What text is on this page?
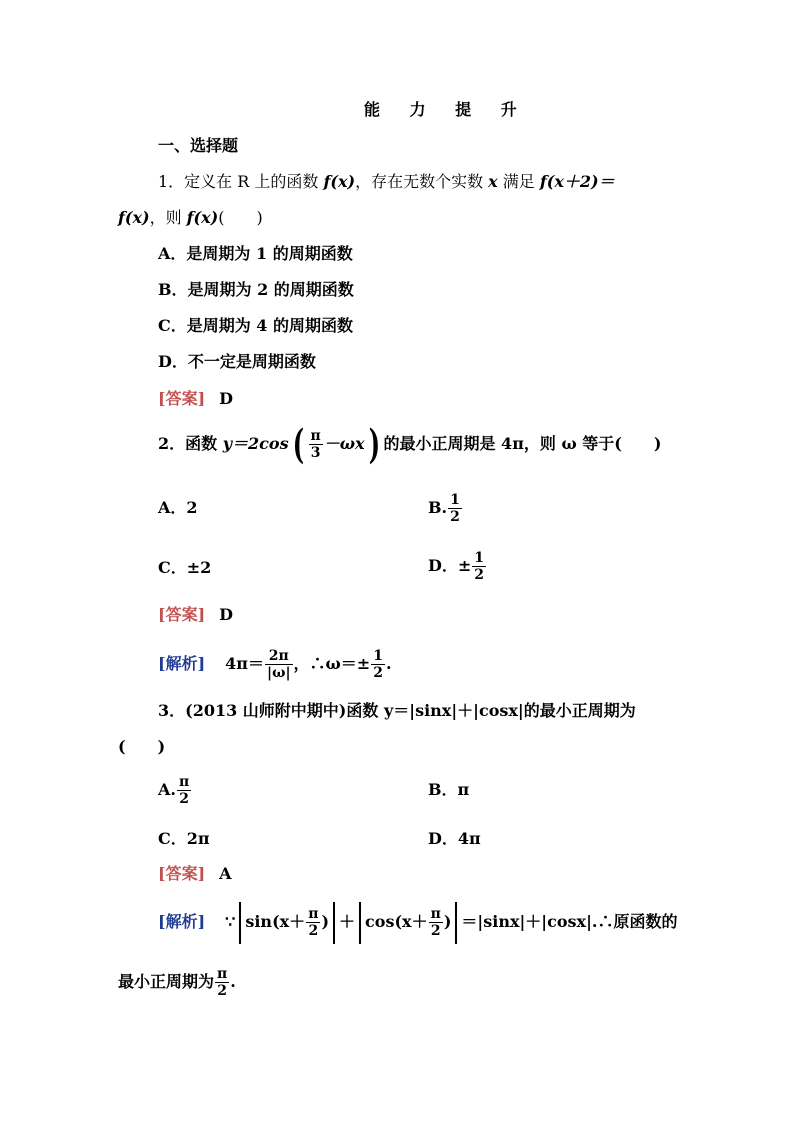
能 力 提 升
一、选择题
1．定义在 R 上的函数 f(x)，存在无数个实数 x 满足 f(x＋2)＝
f(x)，则 f(x)(　　)
A．是周期为 1 的周期函数
B．是周期为 2 的周期函数
C．是周期为 4 的周期函数
D．不一定是周期函数
[答案] D
2．函数 $y=2\cos( \frac{\pi}{3} -\omega x)$ 的最小正周期是 4π，则 ω 等于(　　)
A．2	B. $\frac{1}{2}$
C．±2	D．± $\frac{1}{2}$
[答案] D
[解析] $4\pi= \frac{2\pi}{|\omega|}$ ，∴ω＝± $\frac{1}{2}$ .
3．(2013 山师附中期中)函数 y＝|sinx|＋|cosx|的最小正周期为
(　　)
A. $\frac{\pi}{2}$	B．π
C．2π	D．4π
[答案] A
[解析] ∵ $\sin(x+ \frac{\pi}{2}$ ) ＋ $\cos(x+ \frac{\pi}{2}$ ) ＝|sinx|＋|cosx|.∴原函数的
最小正周期为 $\frac{\pi}{2}$ .
